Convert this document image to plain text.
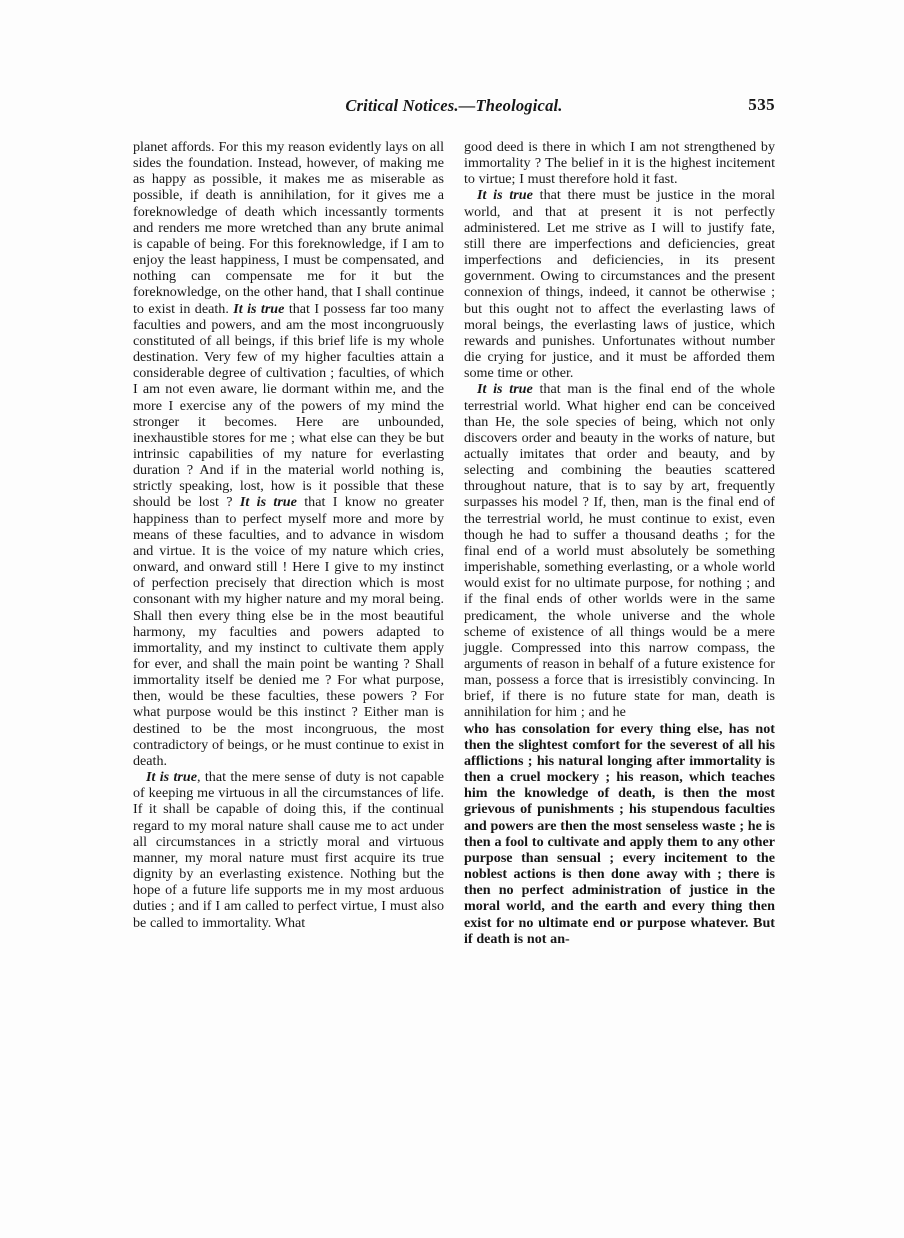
Critical Notices.—Theological.	535

planet affords. For this my reason evidently lays on all sides the foundation. Instead, however, of making me as happy as possible, it makes me as miserable as possible, if death is annihilation, for it gives me a foreknowledge of death which incessantly torments and renders me more wretched than any brute animal is capable of being. For this foreknowledge, if I am to enjoy the least happiness, I must be compensated, and nothing can compensate me for it but the foreknowledge, on the other hand, that I shall continue to exist in death. It is true that I possess far too many faculties and powers, and am the most incongruously constituted of all beings, if this brief life is my whole destination. Very few of my higher faculties attain a considerable degree of cultivation ; faculties, of which I am not even aware, lie dormant within me, and the more I exercise any of the powers of my mind the stronger it becomes. Here are unbounded, inexhaustible stores for me ; what else can they be but intrinsic capabilities of my nature for everlasting duration ? And if in the material world nothing is, strictly speaking, lost, how is it possible that these should be lost ? It is true that I know no greater happiness than to perfect myself more and more by means of these faculties, and to advance in wisdom and virtue. It is the voice of my nature which cries, onward, and onward still ! Here I give to my instinct of perfection precisely that direction which is most consonant with my higher nature and my moral being. Shall then every thing else be in the most beautiful harmony, my faculties and powers adapted to immortality, and my instinct to cultivate them apply for ever, and shall the main point be wanting ? Shall immortality itself be denied me ? For what purpose, then, would be these faculties, these powers ? For what purpose would be this instinct ? Either man is destined to be the most incongruous, the most contradictory of beings, or he must continue to exist in death.

It is true, that the mere sense of duty is not capable of keeping me virtuous in all the circumstances of life. If it shall be capable of doing this, if the continual regard to my moral nature shall cause me to act under all circumstances in a strictly moral and virtuous manner, my moral nature must first acquire its true dignity by an everlasting existence. Nothing but the hope of a future life supports me in my most arduous duties ; and if I am called to perfect virtue, I must also be called to immortality. What

good deed is there in which I am not strengthened by immortality ? The belief in it is the highest incitement to virtue; I must therefore hold it fast.

It is true that there must be justice in the moral world, and that at present it is not perfectly administered. Let me strive as I will to justify fate, still there are imperfections and deficiencies, great imperfections and deficiencies, in its present government. Owing to circumstances and the present connexion of things, indeed, it cannot be otherwise ; but this ought not to affect the everlasting laws of moral beings, the everlasting laws of justice, which rewards and punishes. Unfortunates without number die crying for justice, and it must be afforded them some time or other.

It is true that man is the final end of the whole terrestrial world. What higher end can be conceived than He, the sole species of being, which not only discovers order and beauty in the works of nature, but actually imitates that order and beauty, and by selecting and combining the beauties scattered throughout nature, that is to say by art, frequently surpasses his model ? If, then, man is the final end of the terrestrial world, he must continue to exist, even though he had to suffer a thousand deaths ; for the final end of a world must absolutely be something imperishable, something everlasting, or a whole world would exist for no ultimate purpose, for nothing ; and if the final ends of other worlds were in the same predicament, the whole universe and the whole scheme of existence of all things would be a mere juggle. Compressed into this narrow compass, the arguments of reason in behalf of a future existence for man, possess a force that is irresistibly convincing. In brief, if there is no future state for man, death is annihilation for him ; and he

who has consolation for every thing else, has not then the slightest comfort for the severest of all his afflictions ; his natural longing after immortality is then a cruel mockery ; his reason, which teaches him the knowledge of death, is then the most grievous of punishments ; his stupendous faculties and powers are then the most senseless waste ; he is then a fool to cultivate and apply them to any other purpose than sensual ; every incitement to the noblest actions is then done away with ; there is then no perfect administration of justice in the moral world, and the earth and every thing then exist for no ultimate end or purpose whatever. But if death is not an-
